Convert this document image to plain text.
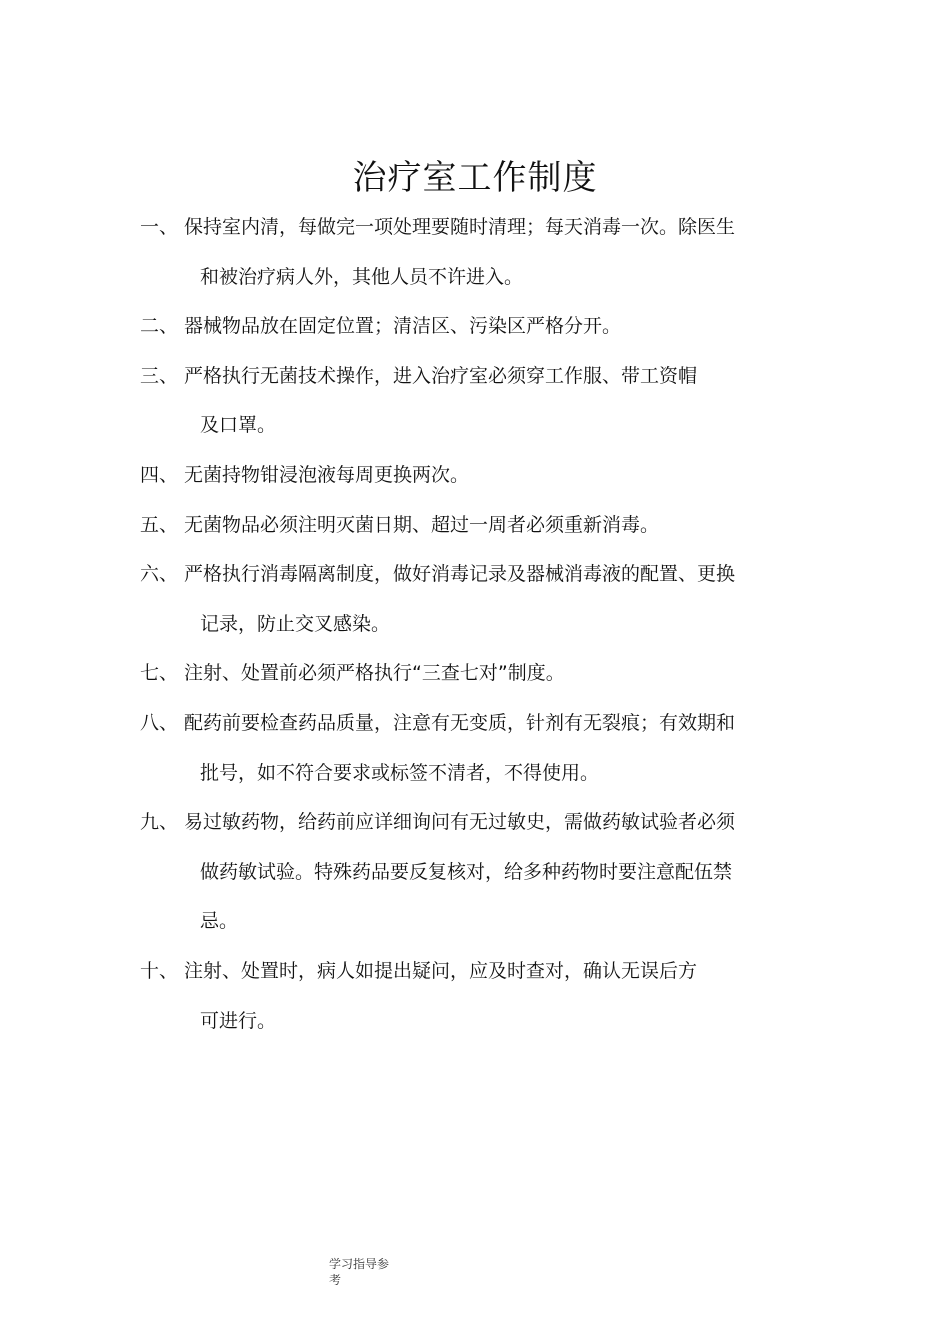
治疗室工作制度
一、 保持室内清，每做完一项处理要随时清理；每天消毒一次。除医生
和被治疗病人外，其他人员不许进入。
二、 器械物品放在固定位置；清洁区、污染区严格分开。
三、 严格执行无菌技术操作，进入治疗室必须穿工作服、带工资帽
及口罩。
四、 无菌持物钳浸泡液每周更换两次。
五、 无菌物品必须注明灭菌日期、超过一周者必须重新消毒。
六、 严格执行消毒隔离制度，做好消毒记录及器械消毒液的配置、更换
记录，防止交叉感染。
七、 注射、处置前必须严格执行“三查七对”制度。
八、 配药前要检查药品质量，注意有无变质，针剂有无裂痕；有效期和
批号，如不符合要求或标签不清者，不得使用。
九、 易过敏药物，给药前应详细询问有无过敏史，需做药敏试验者必须
做药敏试验。特殊药品要反复核对，给多种药物时要注意配伍禁
忌。
十、 注射、处置时，病人如提出疑问，应及时查对，确认无误后方
可进行。
学习指导参
考
